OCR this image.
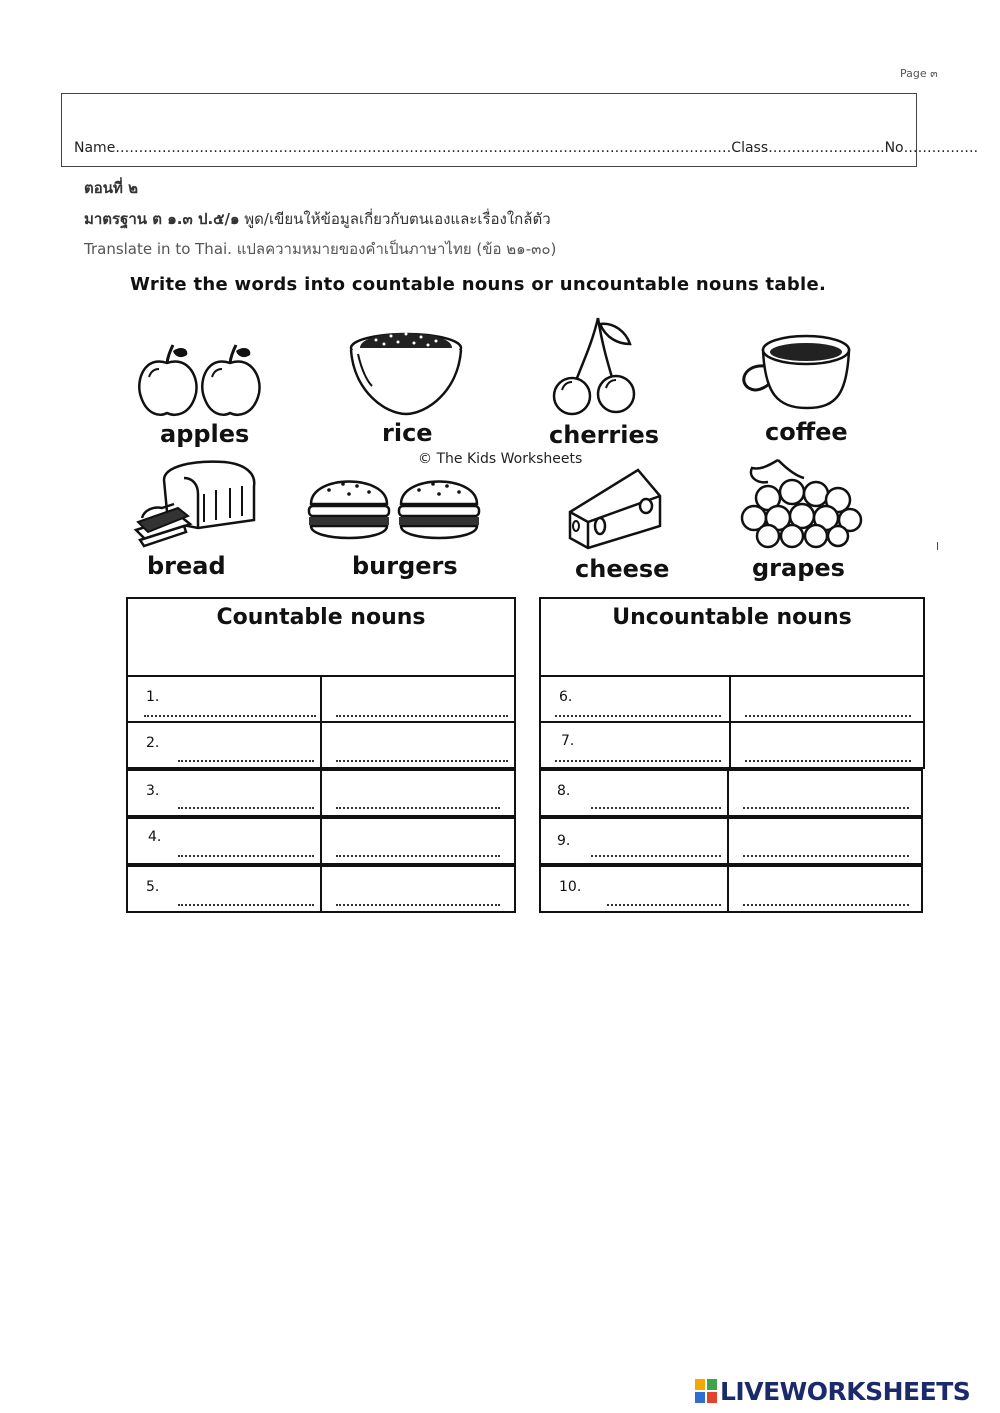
Page ๓
Name……………………………………………………………………………………………………………………Class…………………….No…………….
ตอนที่ ๒
มาตรฐาน ต ๑.๓ ป.๕/๑ พูด/เขียนให้ข้อมูลเกี่ยวกับตนเองและเรื่องใกล้ตัว
Translate in to Thai. แปลความหมายของคำเป็นภาษาไทย (ข้อ ๒๑-๓๐)
Write the words into countable nouns or uncountable nouns table.
apples	rice	cherries	coffee
© The Kids Worksheets
bread	burgers	cheese	grapes
l
Countable nouns
1.
2.
3.
4.
5.
Uncountable nouns
6.
7.
8.
9.
10.
LIVEWORKSHEETS
